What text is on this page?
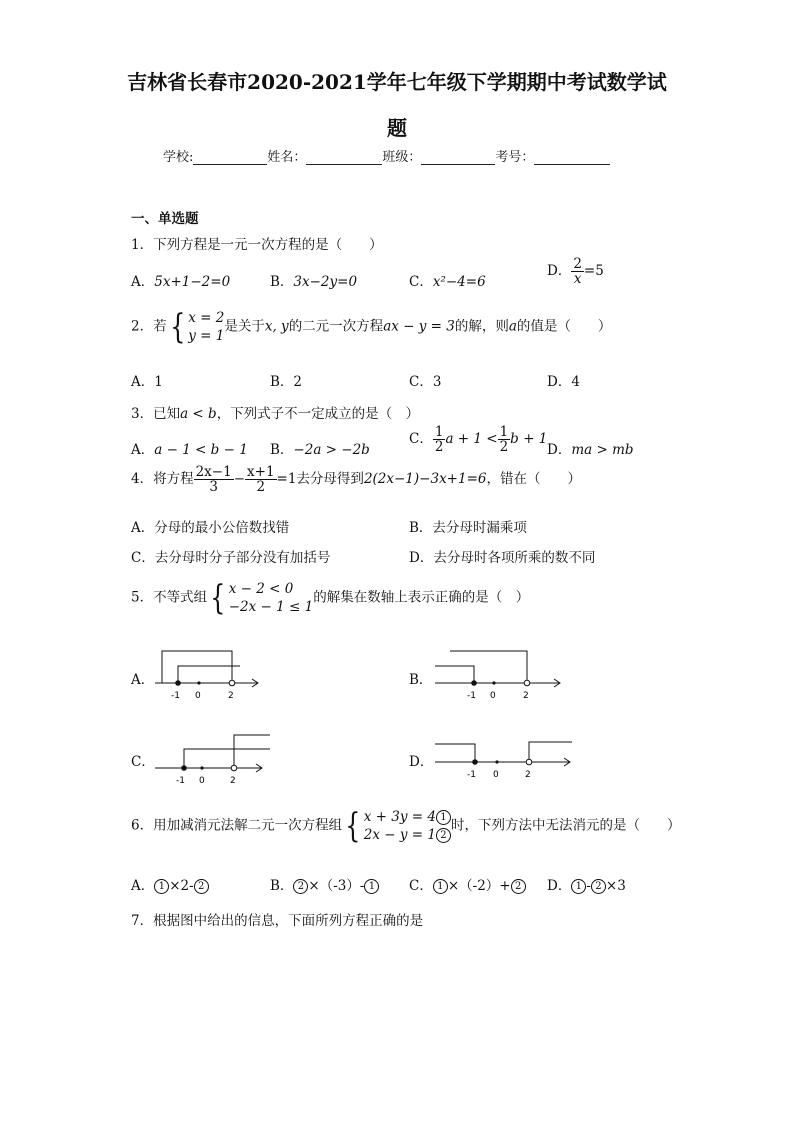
吉林省长春市2020-2021学年七年级下学期期中考试数学试
题
学校:	姓名：	班级：	考号：
一、单选题
1．下列方程是一元一次方程的是（　　）
A．5x+1−2=0	B．3x−2y=0	C．x²−4=6
D． $\frac{2}{x} =5$
2．若{ x = 2
y = 1
是关于x, y的二元一次方程ax − y = 3的解，则a的值是（　　）
A．1	B．2	C．3	D．4
3．已知a < b，下列式子不一定成立的是（　）
A．a − 1 < b − 1 B．−2a > −2b
C． $\frac{1}{2}$ $a + 1 < \frac{1}{2}$ b + 1
D．ma > mb
4．将方程 $\frac{2x-1}{3} - \frac{x+1}{2} =1$去分母得到2(2x−1)−3x+1=6，错在（　　）
A．分母的最小公倍数找错	B．去分母时漏乘项
C．去分母时分子部分没有加括号	D．去分母时各项所乘的数不同
5．不等式组{ x − 2 < 0
−2x − 1 ≤ 1
的解集在数轴上表示正确的是（　）
A．
-1 0	2
B．
-1 0	2
C．
-1 0	2
D．
-1 0	2
6．用加减消元法解二元一次方程组{ x + 3y = 4 1
2x − y = 1 2
时，下列方法中无法消元的是（　　）
A． 1 ×2- 2	B． 2 ×（-3）- 1	C． 1 ×（-2）+ 2	D． 1 - 2 ×3
7．根据图中给出的信息，下面所列方程正确的是
